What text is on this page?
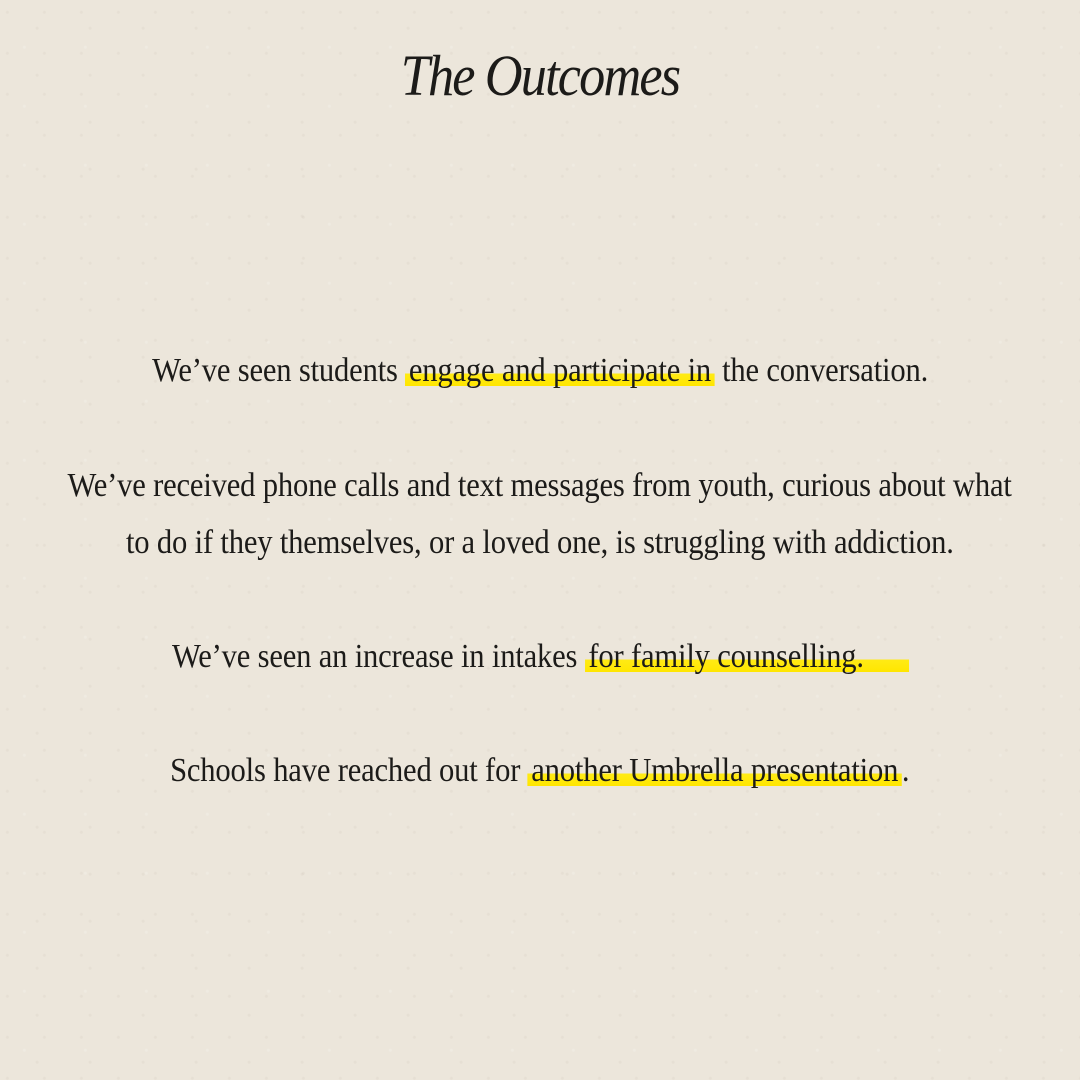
The Outcomes
We’ve seen students engage and participate in the conversation.
We’ve received phone calls and text messages from youth, curious about what
to do if they themselves, or a loved one, is struggling with addiction.
We’ve seen an increase in intakes for family counselling.
Schools have reached out for another Umbrella presentation .
